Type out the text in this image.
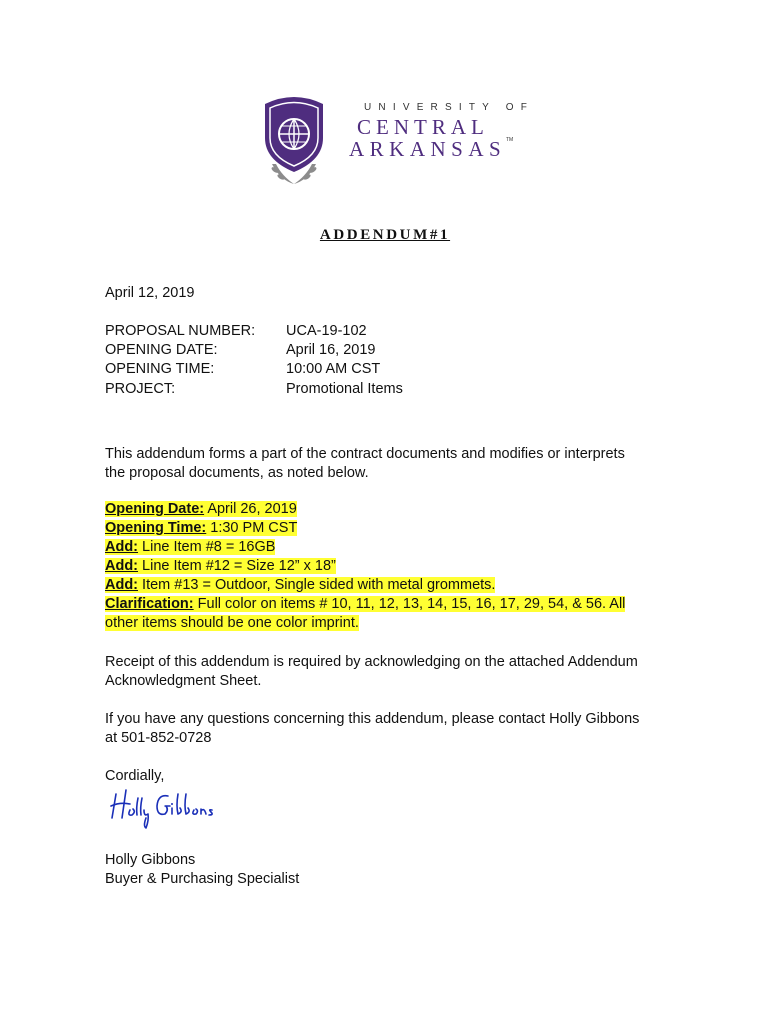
UNIVERSITY OF
CENTRAL
ARKANSAS TM
ADDENDUM#1
April 12, 2019
PROPOSAL NUMBER: UCA-19-102
OPENING DATE:	April 16, 2019
OPENING TIME:	10:00 AM CST
PROJECT:	Promotional Items
This addendum forms a part of the contract documents and modifies or interprets
the proposal documents, as noted below.
Opening Date: April 26, 2019
Opening Time: 1:30 PM CST
Add: Line Item #8 = 16GB
Add: Line Item #12 = Size 12” x 18”
Add: Item #13 = Outdoor, Single sided with metal grommets.
Clarification: Full color on items # 10, 11, 12, 13, 14, 15, 16, 17, 29, 54, & 56. All
other items should be one color imprint.
Receipt of this addendum is required by acknowledging on the attached Addendum
Acknowledgment Sheet.
If you have any questions concerning this addendum, please contact Holly Gibbons
at 501-852-0728
Cordially,
Holly Gibbons
Holly Gibbons
Buyer & Purchasing Specialist
